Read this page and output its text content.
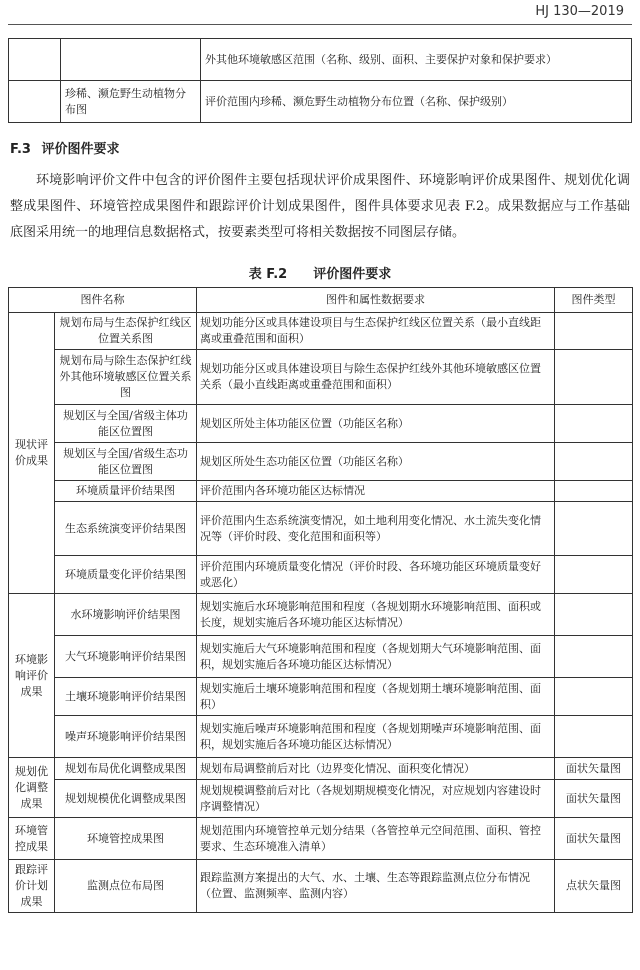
HJ 130—2019
		外其他环境敏感区范围（名称、级别、面积、主要保护对象和保护要求）
	珍稀、濒危野生动植物分布图	评价范围内珍稀、濒危野生动植物分布位置（名称、保护级别）
F.3 评价图件要求

环境影响评价文件中包含的评价图件主要包括现状评价成果图件、环境影响评价成果图件、规划优化调整成果图件、环境管控成果图件和跟踪评价计划成果图件，图件具体要求见表 F.2。成果数据应与工作基础底图采用统一的地理信息数据格式，按要素类型可将相关数据按不同图层存储。

表 F.2 评价图件要求
图件名称		图件和属性数据要求	图件类型
现状评价成果	规划布局与生态保护红线区位置关系图	规划功能分区或具体建设项目与生态保护红线区位置关系（最小直线距离或重叠范围和面积）	
	规划布局与除生态保护红线外其他环境敏感区位置关系图	规划功能分区或具体建设项目与除生态保护红线外其他环境敏感区位置关系（最小直线距离或重叠范围和面积）	
	规划区与全国/省级主体功能区位置图	规划区所处主体功能区位置（功能区名称）	
	规划区与全国/省级生态功能区位置图	规划区所处生态功能区位置（功能区名称）	
	环境质量评价结果图	评价范围内各环境功能区达标情况	
	生态系统演变评价结果图	评价范围内生态系统演变情况，如土地利用变化情况、水土流失变化情况等（评价时段、变化范围和面积等）	
	环境质量变化评价结果图	评价范围内环境质量变化情况（评价时段、各环境功能区环境质量变好或恶化）	
环境影响评价成果	水环境影响评价结果图	规划实施后水环境影响范围和程度（各规划期水环境影响范围、面积或长度，规划实施后各环境功能区达标情况）	
	大气环境影响评价结果图	规划实施后大气环境影响范围和程度（各规划期大气环境影响范围、面积，规划实施后各环境功能区达标情况）	
	土壤环境影响评价结果图	规划实施后土壤环境影响范围和程度（各规划期土壤环境影响范围、面积）	
	噪声环境影响评价结果图	规划实施后噪声环境影响范围和程度（各规划期噪声环境影响范围、面积，规划实施后各环境功能区达标情况）	
规划优化调整成果	规划布局优化调整成果图	规划布局调整前后对比（边界变化情况、面积变化情况）	面状矢量图
	规划规模优化调整成果图	规划规模调整前后对比（各规划期规模变化情况，对应规划内容建设时序调整情况）	面状矢量图
环境管控成果	环境管控成果图	规划范围内环境管控单元划分结果（各管控单元空间范围、面积、管控要求、生态环境准入清单）	面状矢量图
跟踪评价计划成果	监测点位布局图	跟踪监测方案提出的大气、水、土壤、生态等跟踪监测点位分布情况（位置、监测频率、监测内容）	点状矢量图
